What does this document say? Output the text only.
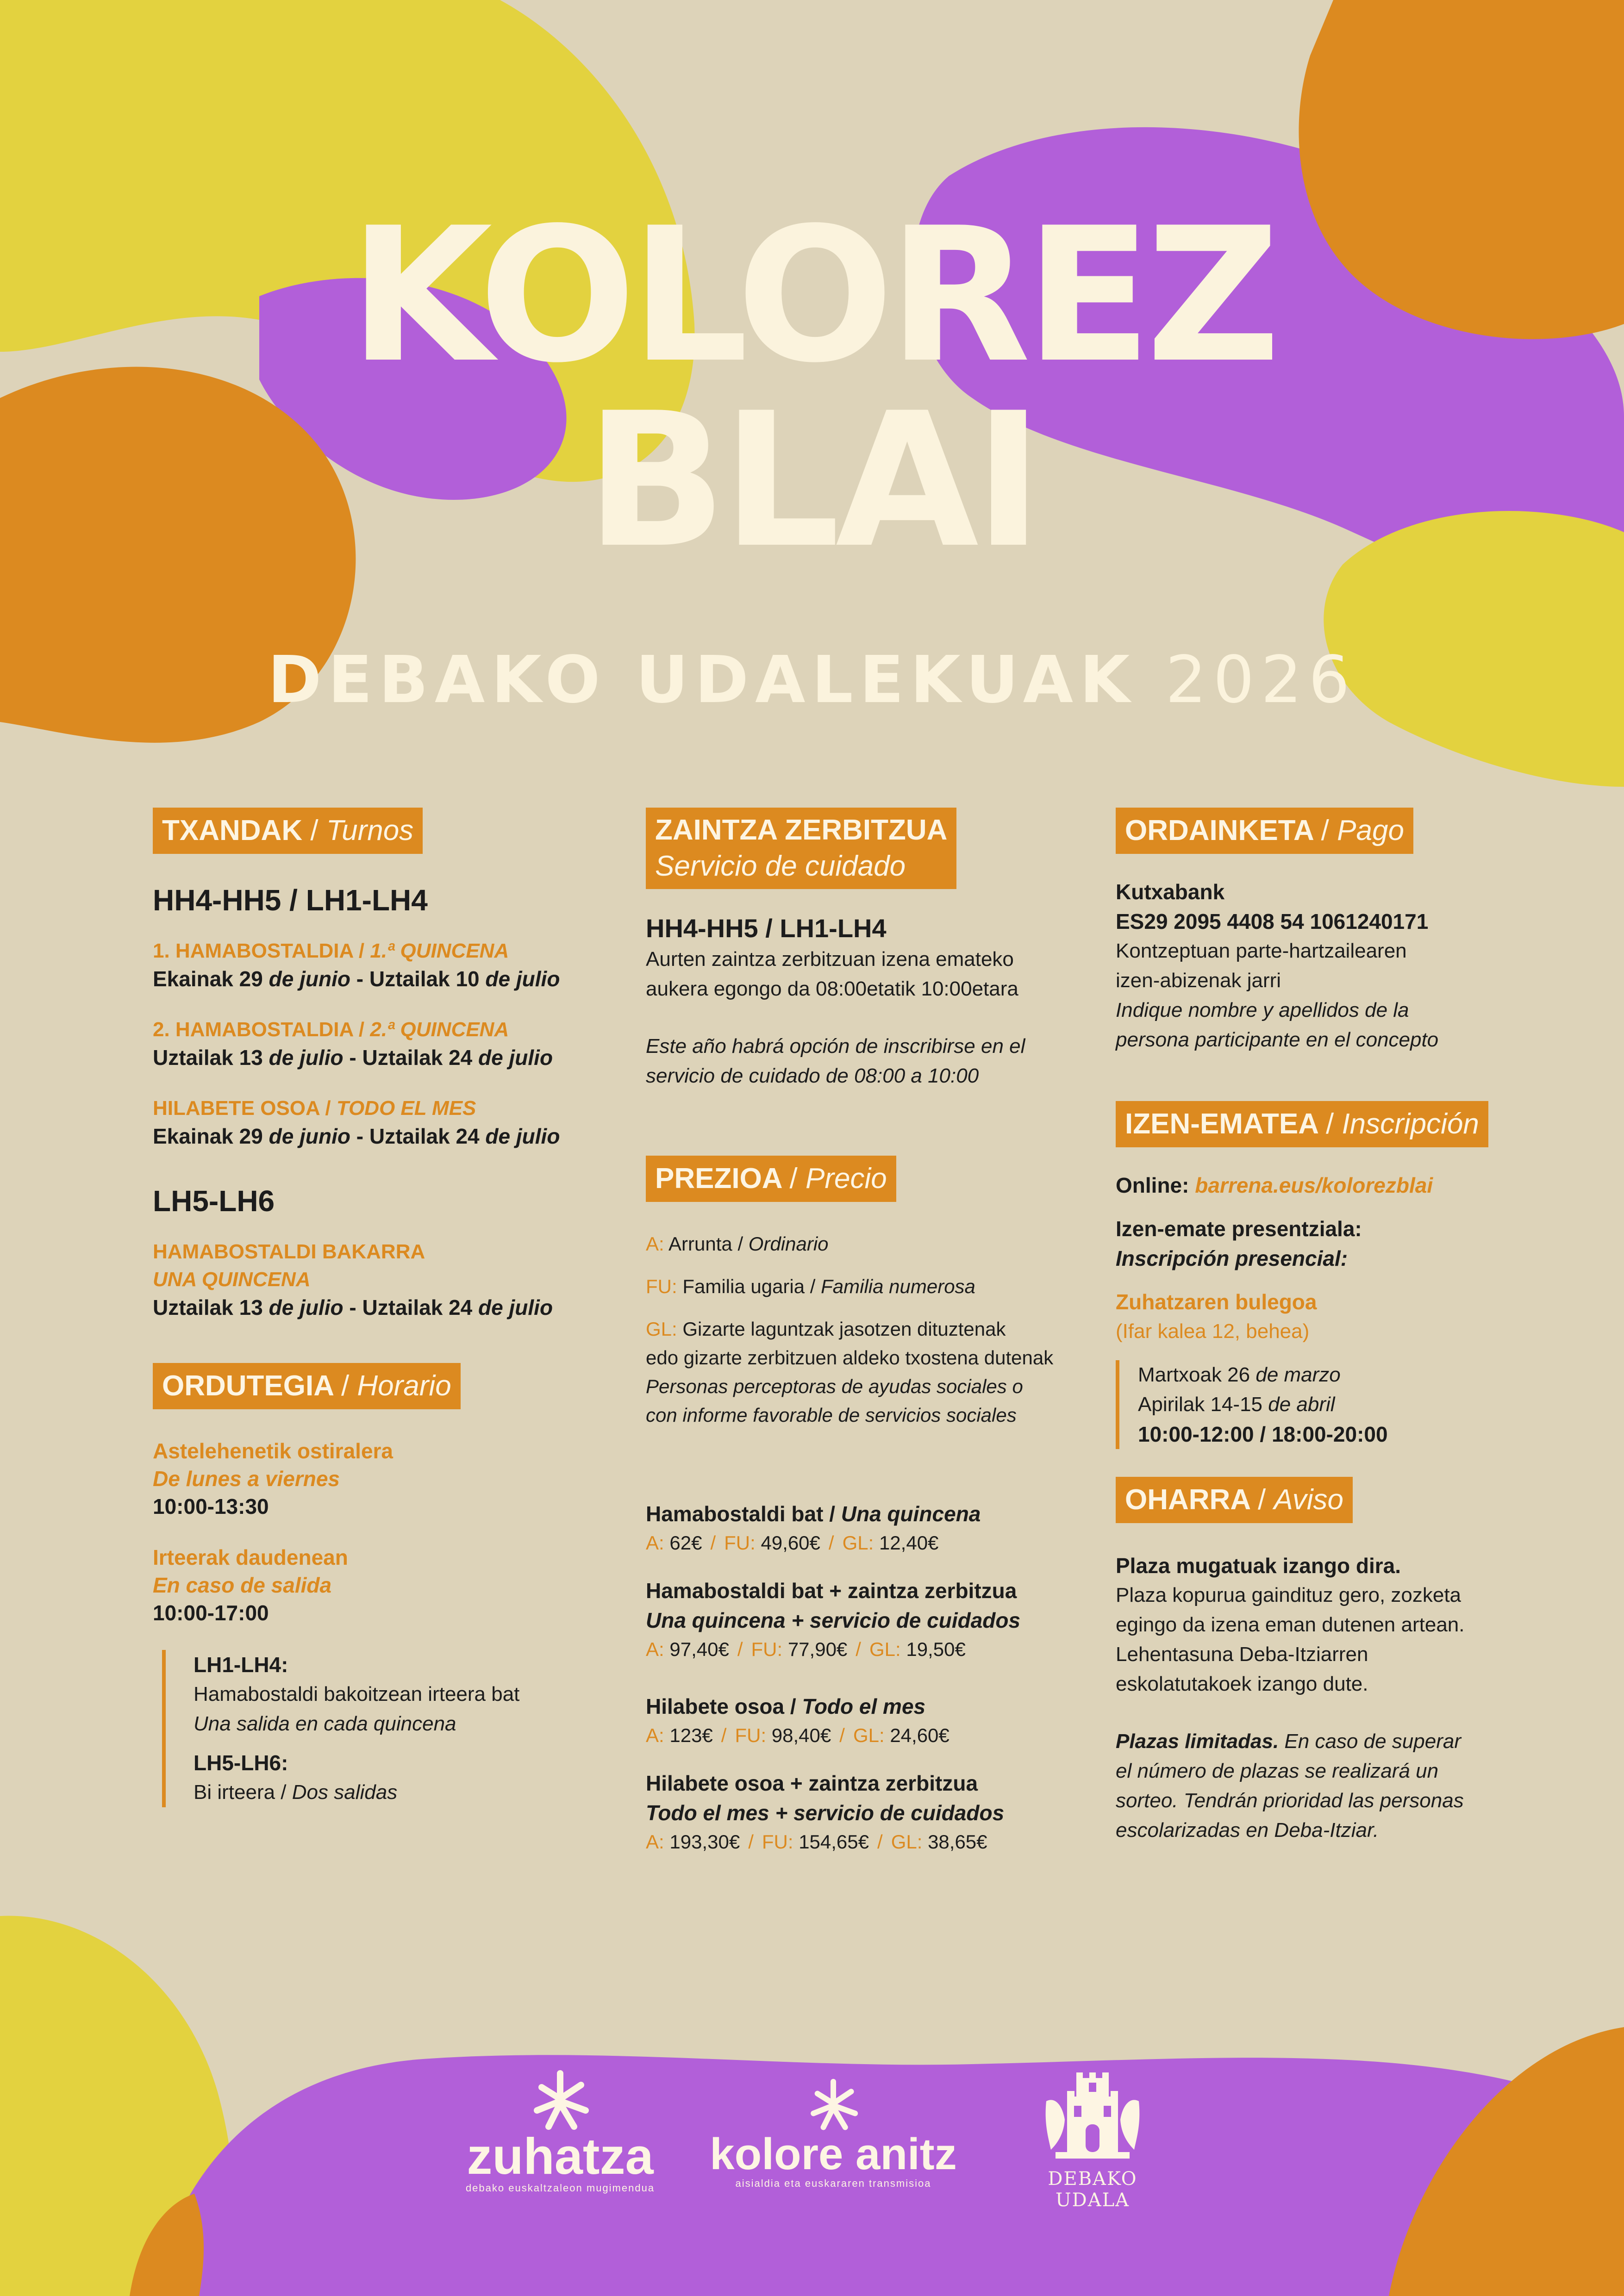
KOLOREZ
BLAI
DEBAKO UDALEKUAK 2026
TXANDAK / Turnos
HH4-HH5 / LH1-LH4
1. HAMABOSTALDIA / 1.ª QUINCENA
Ekainak 29 de junio - Uztailak 10 de julio
2. HAMABOSTALDIA / 2.ª QUINCENA
Uztailak 13 de julio - Uztailak 24 de julio
HILABETE OSOA / TODO EL MES
Ekainak 29 de junio - Uztailak 24 de julio
LH5-LH6
HAMABOSTALDI BAKARRA
UNA QUINCENA
Uztailak 13 de julio - Uztailak 24 de julio
ORDUTEGIA / Horario
Astelehenetik ostiralera
De lunes a viernes
10:00-13:30
Irteerak daudenean
En caso de salida
10:00-17:00
LH1-LH4:
Hamabostaldi bakoitzean irteera bat
Una salida en cada quincena
LH5-LH6:
Bi irteera / Dos salidas
ZAINTZA ZERBITZUA
Servicio de cuidado
HH4-HH5 / LH1-LH4
Aurten zaintza zerbitzuan izena emateko
aukera egongo da 08:00etatik 10:00etara
Este año habrá opción de inscribirse en el
servicio de cuidado de 08:00 a 10:00
PREZIOA / Precio
A: Arrunta / Ordinario
FU: Familia ugaria / Familia numerosa
GL: Gizarte laguntzak jasotzen dituztenak
edo gizarte zerbitzuen aldeko txostena dutenak
Personas perceptoras de ayudas sociales o
con informe favorable de servicios sociales
Hamabostaldi bat / Una quincena
A: 62€ / FU: 49,60€ / GL: 12,40€
Hamabostaldi bat + zaintza zerbitzua
Una quincena + servicio de cuidados
A: 97,40€ / FU: 77,90€ / GL: 19,50€
Hilabete osoa / Todo el mes
A: 123€ / FU: 98,40€ / GL: 24,60€
Hilabete osoa + zaintza zerbitzua
Todo el mes + servicio de cuidados
A: 193,30€ / FU: 154,65€ / GL: 38,65€
ORDAINKETA / Pago
Kutxabank
ES29 2095 4408 54 1061240171
Kontzeptuan parte-hartzailearen
izen-abizenak jarri
Indique nombre y apellidos de la
persona participante en el concepto
IZEN-EMATEA / Inscripción
Online: barrena.eus/kolorezblai
Izen-emate presentziala:
Inscripción presencial:
Zuhatzaren bulegoa
(Ifar kalea 12, behea)
Martxoak 26 de marzo
Apirilak 14-15 de abril
10:00-12:00 / 18:00-20:00
OHARRA / Aviso
Plaza mugatuak izango dira.
Plaza kopurua gaindituz gero, zozketa
egingo da izena eman dutenen artean.
Lehentasuna Deba-Itziarren
eskolatutakoek izango dute.
Plazas limitadas. En caso de superar
el número de plazas se realizará un
sorteo. Tendrán prioridad las personas
escolarizadas en Deba-Itziar.
zuhatza
debako euskaltzaleon mugimendua
kolore anitz
aisialdia eta euskararen transmisioa	DEBAKO UDALA
